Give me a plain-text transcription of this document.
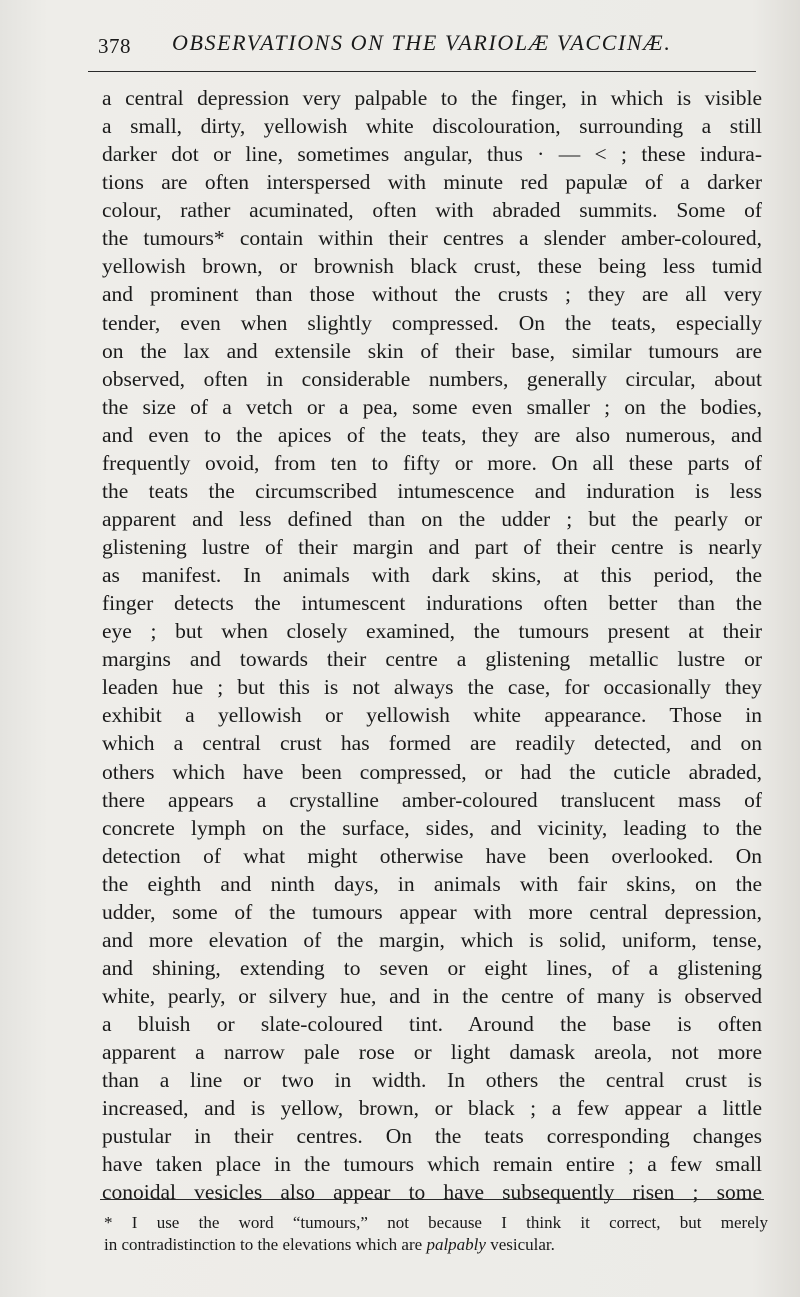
378 OBSERVATIONS ON THE VARIOLÆ VACCINÆ.
a central depression very palpable to the finger, in which is visible
a small, dirty, yellowish white discolouration, surrounding a still
darker dot or line, sometimes angular, thus · — < ; these indura-
tions are often interspersed with minute red papulæ of a darker
colour, rather acuminated, often with abraded summits. Some of
the tumours* contain within their centres a slender amber-coloured,
yellowish brown, or brownish black crust, these being less tumid
and prominent than those without the crusts ; they are all very
tender, even when slightly compressed. On the teats, especially
on the lax and extensile skin of their base, similar tumours are
observed, often in considerable numbers, generally circular, about
the size of a vetch or a pea, some even smaller ; on the bodies,
and even to the apices of the teats, they are also numerous, and
frequently ovoid, from ten to fifty or more. On all these parts of
the teats the circumscribed intumescence and induration is less
apparent and less defined than on the udder ; but the pearly or
glistening lustre of their margin and part of their centre is nearly
as manifest. In animals with dark skins, at this period, the
finger detects the intumescent indurations often better than the
eye ; but when closely examined, the tumours present at their
margins and towards their centre a glistening metallic lustre or
leaden hue ; but this is not always the case, for occasionally they
exhibit a yellowish or yellowish white appearance. Those in
which a central crust has formed are readily detected, and on
others which have been compressed, or had the cuticle abraded,
there appears a crystalline amber-coloured translucent mass of
concrete lymph on the surface, sides, and vicinity, leading to the
detection of what might otherwise have been overlooked. On
the eighth and ninth days, in animals with fair skins, on the
udder, some of the tumours appear with more central depression,
and more elevation of the margin, which is solid, uniform, tense,
and shining, extending to seven or eight lines, of a glistening
white, pearly, or silvery hue, and in the centre of many is observed
a bluish or slate-coloured tint. Around the base is often
apparent a narrow pale rose or light damask areola, not more
than a line or two in width. In others the central crust is
increased, and is yellow, brown, or black ; a few appear a little
pustular in their centres. On the teats corresponding changes
have taken place in the tumours which remain entire ; a few small
conoidal vesicles also appear to have subsequently risen ; some
* I use the word “tumours,” not because I think it correct, but merely
in contradistinction to the elevations which are palpably vesicular.
